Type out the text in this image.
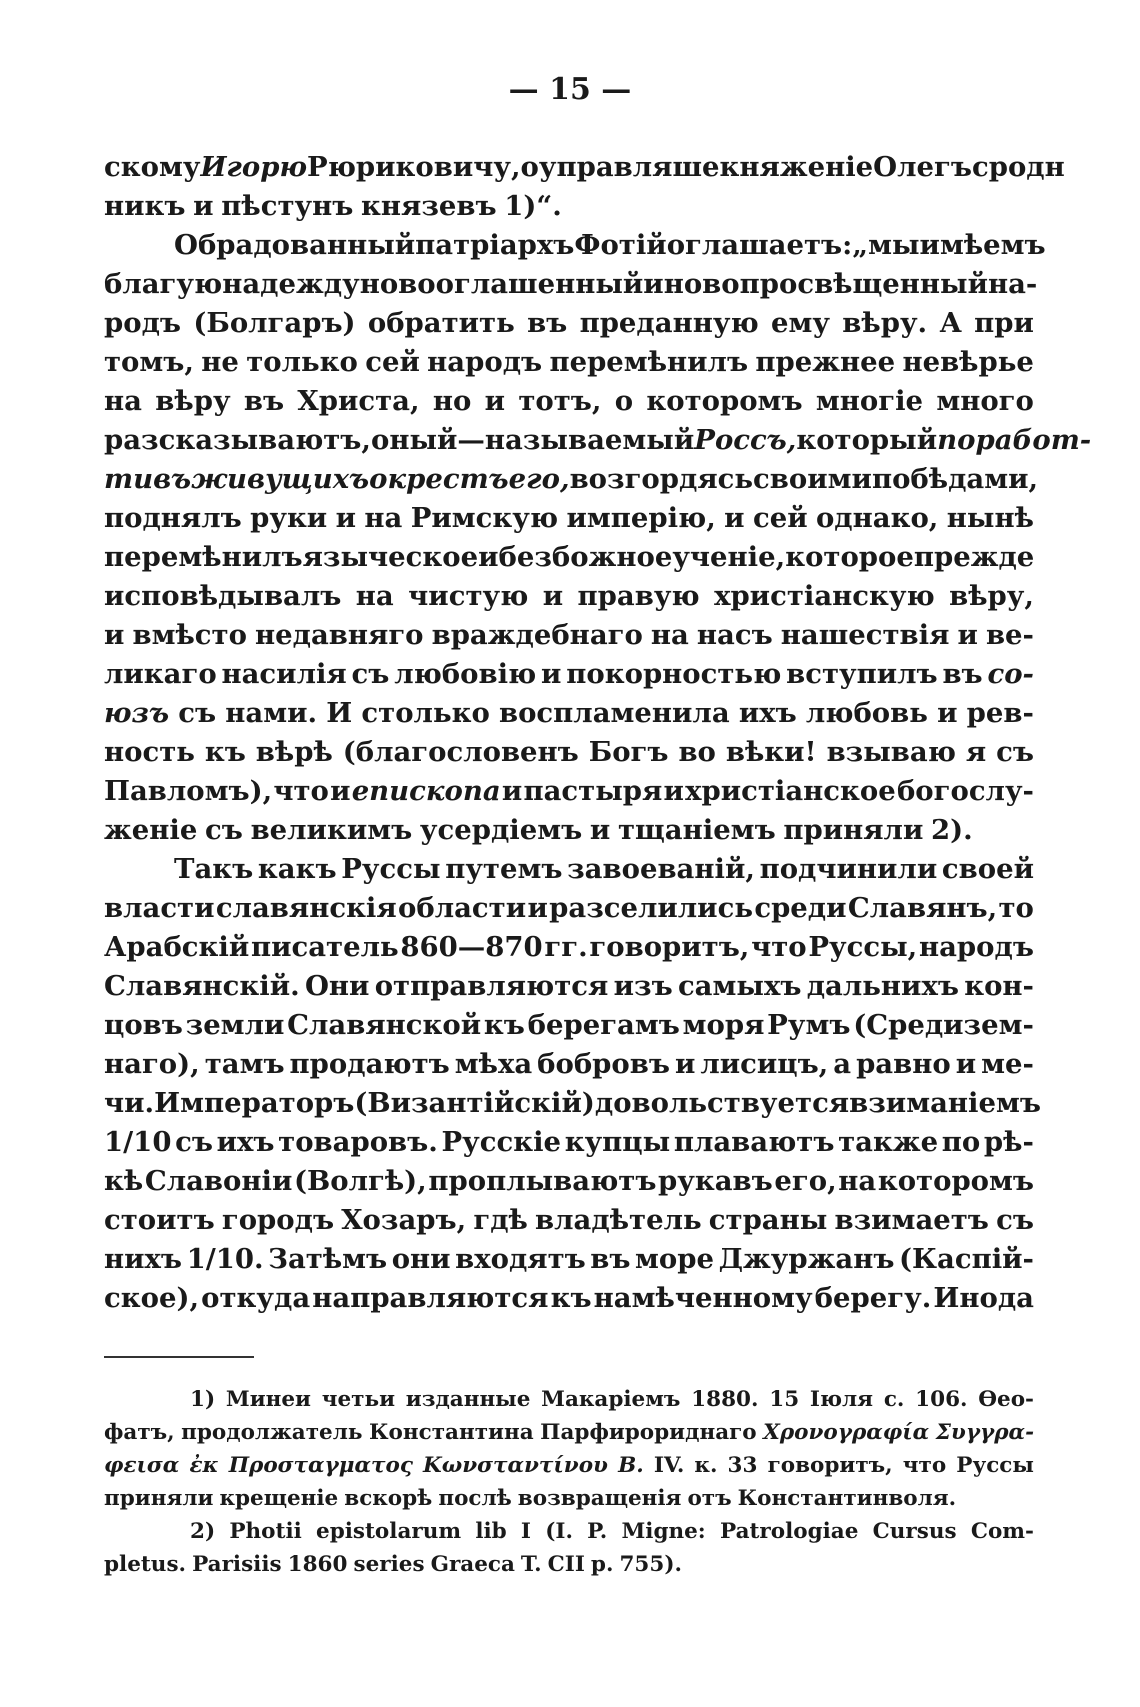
— 15 —
скому Игорю Рюриковичу, оуправляше княженіе Олегъ сродн
никъ и пѣстунъ князевъ 1)“.
Обрадованный патріархъ Фотій оглашаетъ: „мы имѣемъ
благую надежду новооглашенный и новопросвѣщенный на-
родъ (Болгаръ) обратить въ преданную ему вѣру. А при
томъ, не только сей народъ перемѣнилъ прежнее невѣрье
на вѣру въ Христа, но и тотъ, о которомъ многіе много
разсказываютъ, оный — называемый Россъ, который поработ-
тивъ живущихъ окрестъ его, возгордясь своими побѣдами,
поднялъ руки и на Римскую имперію, и сей однако, нынѣ
перемѣнилъ языческое и безбожное ученіе, которое прежде
исповѣдывалъ на чистую и правую христіанскую вѣру,
и вмѣсто недавняго враждебнаго на насъ нашествія и ве-
ликаго насилія съ любовію и покорностью вступилъ въ со-
юзъ съ нами. И столько воспламенила ихъ любовь и рев-
ность къ вѣрѣ (благословенъ Богъ во вѣки! взываю я съ
Павломъ), что и епископа и пастыря и христіанское богослу-
женіе съ великимъ усердіемъ и тщаніемъ приняли 2).
Такъ какъ Руссы путемъ завоеваній, подчинили своей
власти славянскія области и разселились среди Славянъ, то
Арабскій писатель 860—870 гг. говоритъ, что Руссы, народъ
Славянскій. Они отправляются изъ самыхъ дальнихъ кон-
цовъ земли Славянской къ берегамъ моря Румъ (Средизем-
наго), тамъ продаютъ мѣха бобровъ и лисицъ, а равно и ме-
чи. Императоръ (Византійскій) довольствуется взиманіемъ
1/10 съ ихъ товаровъ. Русскіе купцы плаваютъ также по рѣ-
кѣ Славоніи (Волгѣ), проплываютъ рукавъ его, на которомъ
стоитъ городъ Хозаръ, гдѣ владѣтель страны взимаетъ съ
нихъ 1/10. Затѣмъ они входятъ въ море Джуржанъ (Каспій-
ское), откуда направляются къ намѣченному берегу. Инода
1) Минеи четьи изданные Макаріемъ 1880. 15 Іюля с. 106. Өео-
фатъ, продолжатель Константина Парфирориднаго Χρονογραφία Συγγρα-
φεισα ἐκ Προσταγματος Κωνσταντίνου Β. IV. к. 33 говоритъ, что Руссы
приняли крещеніе вскорѣ послѣ возвращенія отъ Константинволя.
2) Photii epistolarum lib I (I. P. Migne: Patrologiae Cursus Com-
pletus. Parisiis 1860 series Graeca T. CII p. 755).
